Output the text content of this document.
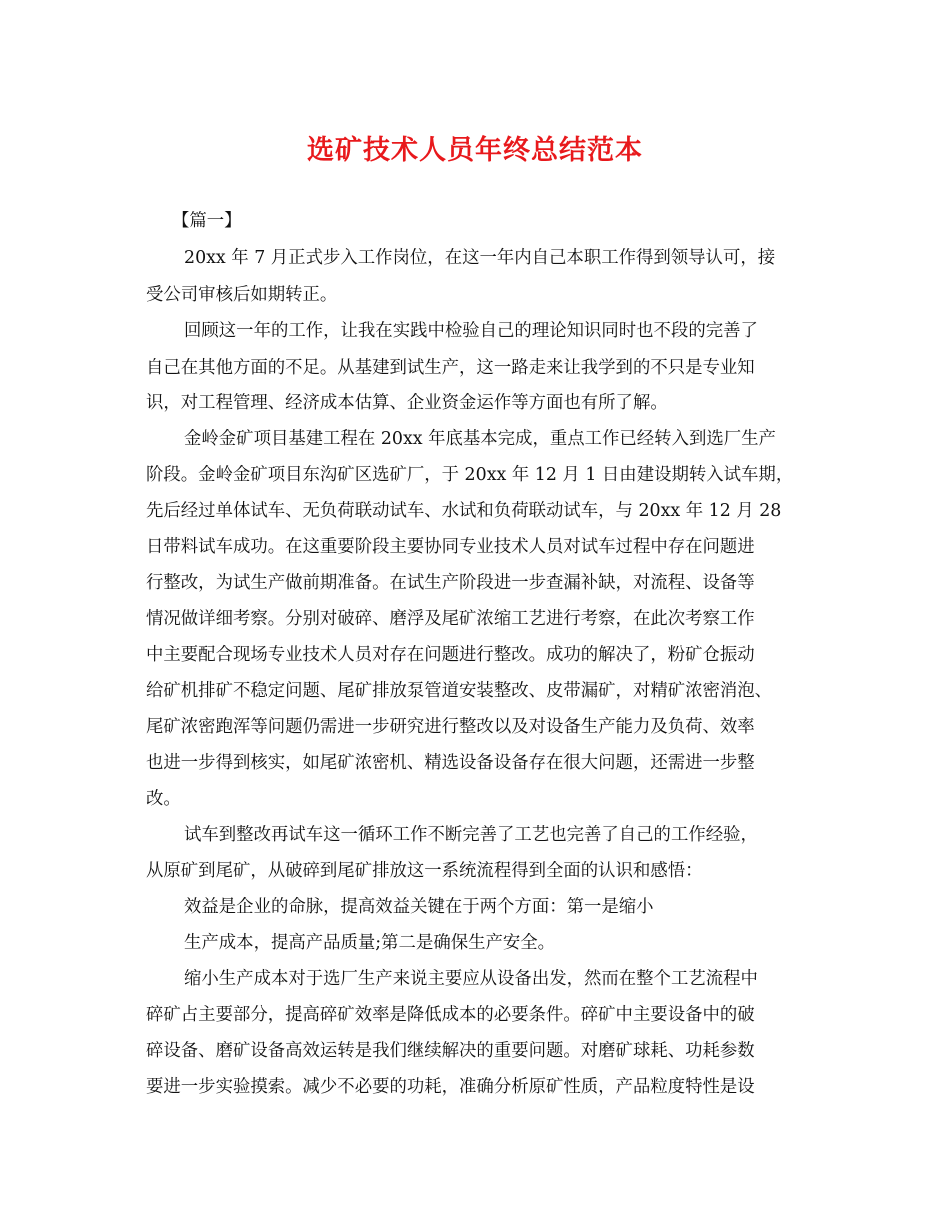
选矿技术人员年终总结范本

【篇一】

20xx 年 7 月正式步入工作岗位，在这一年内自己本职工作得到领导认可，接

受公司审核后如期转正。

回顾这一年的工作，让我在实践中检验自己的理论知识同时也不段的完善了

自己在其他方面的不足。从基建到试生产，这一路走来让我学到的不只是专业知

识，对工程管理、经济成本估算、企业资金运作等方面也有所了解。

金岭金矿项目基建工程在 20xx 年底基本完成，重点工作已经转入到选厂生产

阶段。金岭金矿项目东沟矿区选矿厂，于 20xx 年 12 月 1 日由建设期转入试车期，

先后经过单体试车、无负荷联动试车、水试和负荷联动试车，与 20xx 年 12 月 28

日带料试车成功。在这重要阶段主要协同专业技术人员对试车过程中存在问题进

行整改，为试生产做前期准备。在试生产阶段进一步查漏补缺，对流程、设备等

情况做详细考察。分别对破碎、磨浮及尾矿浓缩工艺进行考察，在此次考察工作

中主要配合现场专业技术人员对存在问题进行整改。成功的解决了，粉矿仓振动

给矿机排矿不稳定问题、尾矿排放泵管道安装整改、皮带漏矿，对精矿浓密消泡、

尾矿浓密跑浑等问题仍需进一步研究进行整改以及对设备生产能力及负荷、效率

也进一步得到核实，如尾矿浓密机、精选设备设备存在很大问题，还需进一步整

改。

试车到整改再试车这一循环工作不断完善了工艺也完善了自己的工作经验，

从原矿到尾矿，从破碎到尾矿排放这一系统流程得到全面的认识和感悟：

效益是企业的命脉，提高效益关键在于两个方面：第一是缩小

生产成本，提高产品质量;第二是确保生产安全。

缩小生产成本对于选厂生产来说主要应从设备出发，然而在整个工艺流程中

碎矿占主要部分，提高碎矿效率是降低成本的必要条件。碎矿中主要设备中的破

碎设备、磨矿设备高效运转是我们继续解决的重要问题。对磨矿球耗、功耗参数

要进一步实验摸索。减少不必要的功耗，准确分析原矿性质，产品粒度特性是设
